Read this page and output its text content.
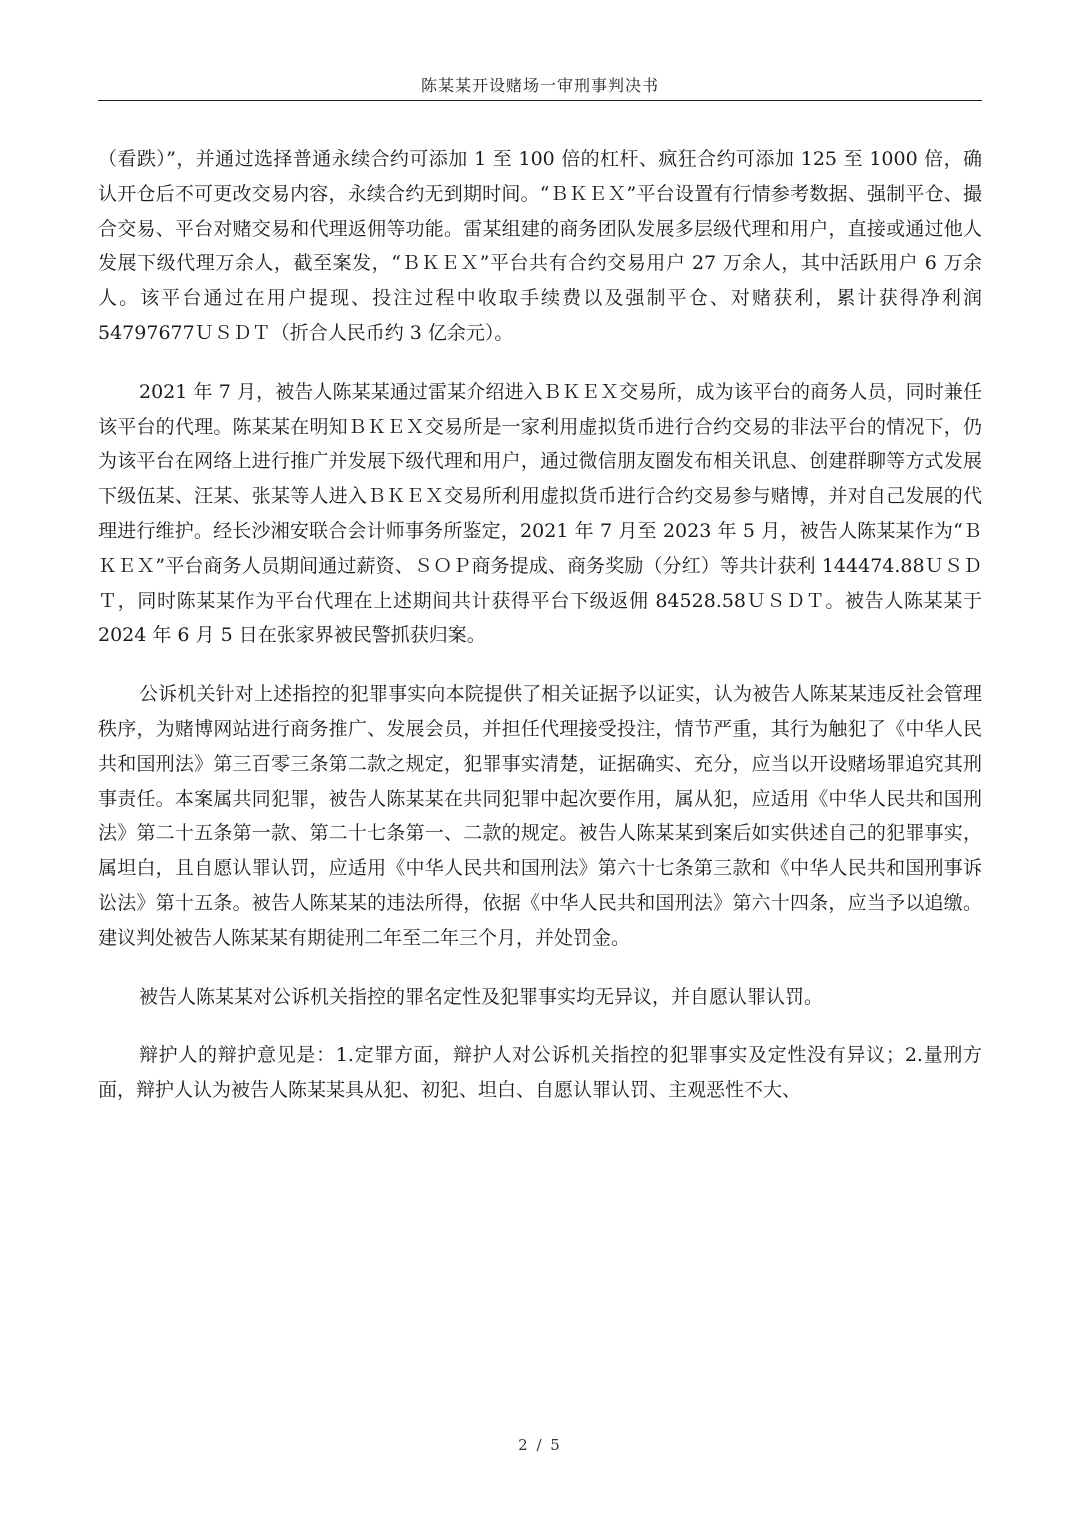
陈某某开设赌场一审刑事判决书

（看跌）”，并通过选择普通永续合约可添加 1 至 100 倍的杠杆、疯狂合约可添加 125 至 1000 倍，确认开仓后不可更改交易内容，永续合约无到期时间。“ＢＫＥＸ”平台设置有行情参考数据、强制平仓、撮合交易、平台对赌交易和代理返佣等功能。雷某组建的商务团队发展多层级代理和用户，直接或通过他人发展下级代理万余人，截至案发，“ＢＫＥＸ”平台共有合约交易用户 27 万余人，其中活跃用户 6 万余人。该平台通过在用户提现、投注过程中收取手续费以及强制平仓、对赌获利，累计获得净利润 54797677ＵＳＤＴ（折合人民币约 3 亿余元）。

2021 年 7 月，被告人陈某某通过雷某介绍进入ＢＫＥＸ交易所，成为该平台的商务人员，同时兼任该平台的代理。陈某某在明知ＢＫＥＸ交易所是一家利用虚拟货币进行合约交易的非法平台的情况下，仍为该平台在网络上进行推广并发展下级代理和用户，通过微信朋友圈发布相关讯息、创建群聊等方式发展下级伍某、汪某、张某等人进入ＢＫＥＸ交易所利用虚拟货币进行合约交易参与赌博，并对自己发展的代理进行维护。经长沙湘安联合会计师事务所鉴定，2021 年 7 月至 2023 年 5 月，被告人陈某某作为“ＢＫＥＸ”平台商务人员期间通过薪资、ＳＯＰ商务提成、商务奖励（分红）等共计获利 144474.88ＵＳＤＴ，同时陈某某作为平台代理在上述期间共计获得平台下级返佣 84528.58ＵＳＤＴ。被告人陈某某于 2024 年 6 月 5 日在张家界被民警抓获归案。

公诉机关针对上述指控的犯罪事实向本院提供了相关证据予以证实，认为被告人陈某某违反社会管理秩序，为赌博网站进行商务推广、发展会员，并担任代理接受投注，情节严重，其行为触犯了《中华人民共和国刑法》第三百零三条第二款之规定，犯罪事实清楚，证据确实、充分，应当以开设赌场罪追究其刑事责任。本案属共同犯罪，被告人陈某某在共同犯罪中起次要作用，属从犯，应适用《中华人民共和国刑法》第二十五条第一款、第二十七条第一、二款的规定。被告人陈某某到案后如实供述自己的犯罪事实，属坦白，且自愿认罪认罚，应适用《中华人民共和国刑法》第六十七条第三款和《中华人民共和国刑事诉讼法》第十五条。被告人陈某某的违法所得，依据《中华人民共和国刑法》第六十四条，应当予以追缴。建议判处被告人陈某某有期徒刑二年至二年三个月，并处罚金。

被告人陈某某对公诉机关指控的罪名定性及犯罪事实均无异议，并自愿认罪认罚。

辩护人的辩护意见是：1.定罪方面，辩护人对公诉机关指控的犯罪事实及定性没有异议；2.量刑方面，辩护人认为被告人陈某某具从犯、初犯、坦白、自愿认罪认罚、主观恶性不大、

2 / 5
